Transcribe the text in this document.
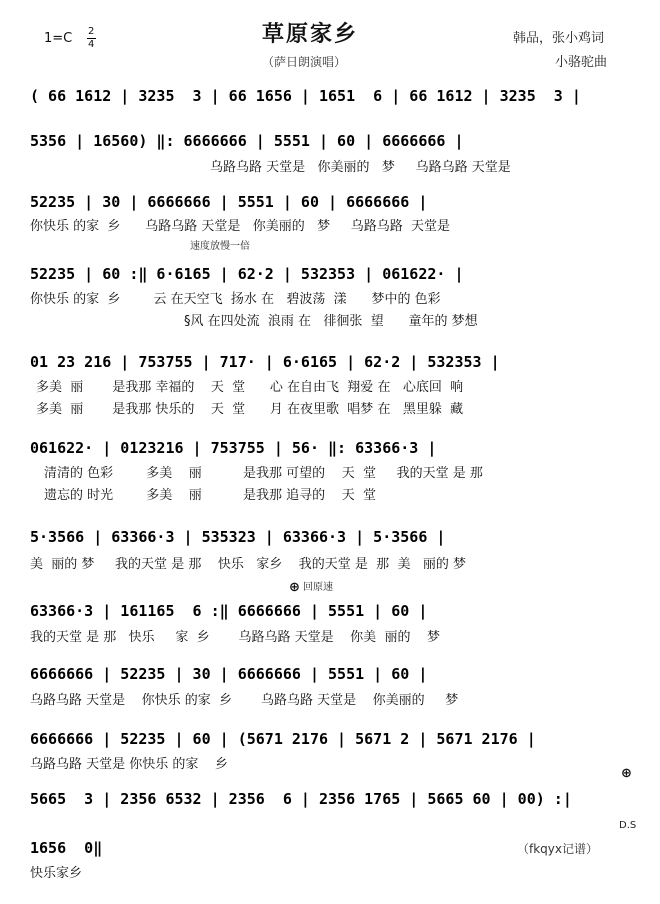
1=C 2
4	草原家乡
（萨日朗演唱）
韩品，张小鸡词
小骆驼曲
( 66 1612 | 3235  3 | 66 1656 | 1651  6 | 66 1612 | 3235  3 |
5356 | 16560) ‖: 6666666 | 5551 | 60 | 6666666 |
乌路乌路 天堂是   你美丽的   梦     乌路乌路 天堂是
52235 | 30 | 6666666 | 5551 | 60 | 6666666 |
你快乐 的家  乡      乌路乌路 天堂是   你美丽的   梦     乌路乌路  天堂是
速度放慢一倍
52235 | 60 :‖ 6·6165 | 62·2 | 532353 | 061622· |
你快乐 的家  乡        云 在天空飞  扬水 在   碧波荡  漾      梦中的 色彩
§风 在四处流  浪雨 在   徘徊张  望      童年的 梦想
01 23 216 | 753755 | 717· | 6·6165 | 62·2 | 532353 |
多美  丽       是我那 幸福的    天  堂      心 在自由飞  翔爱 在   心底回  响
多美  丽       是我那 快乐的    天  堂      月 在夜里歌  唱梦 在   黑里躲  藏
061622· | 0123216 | 753755 | 56· ‖: 63366·3 |
清清的 色彩        多美    丽          是我那 可望的    天  堂     我的天堂 是 那
遗忘的 时光        多美    丽          是我那 追寻的    天  堂
5·3566 | 63366·3 | 535323 | 63366·3 | 5·3566 |
美  丽的 梦     我的天堂 是 那    快乐   家乡    我的天堂 是  那  美   丽的 梦
⊕ 回原速
63366·3 | 161165  6 :‖ 6666666 | 5551 | 60 |
我的天堂 是 那   快乐     家  乡       乌路乌路 天堂是    你美  丽的    梦
6666666 | 52235 | 30 | 6666666 | 5551 | 60 |
乌路乌路 天堂是    你快乐 的家  乡       乌路乌路 天堂是    你美丽的     梦
6666666 | 52235 | 60 | (5671 2176 | 5671 2 | 5671 2176 |
乌路乌路 天堂是 你快乐 的家    乡
⊕
5665  3 | 2356 6532 | 2356  6 | 2356 1765 | 5665 60 | 00) :|
D.S
1656  0‖
快乐家乡
（fkqyx记谱）
